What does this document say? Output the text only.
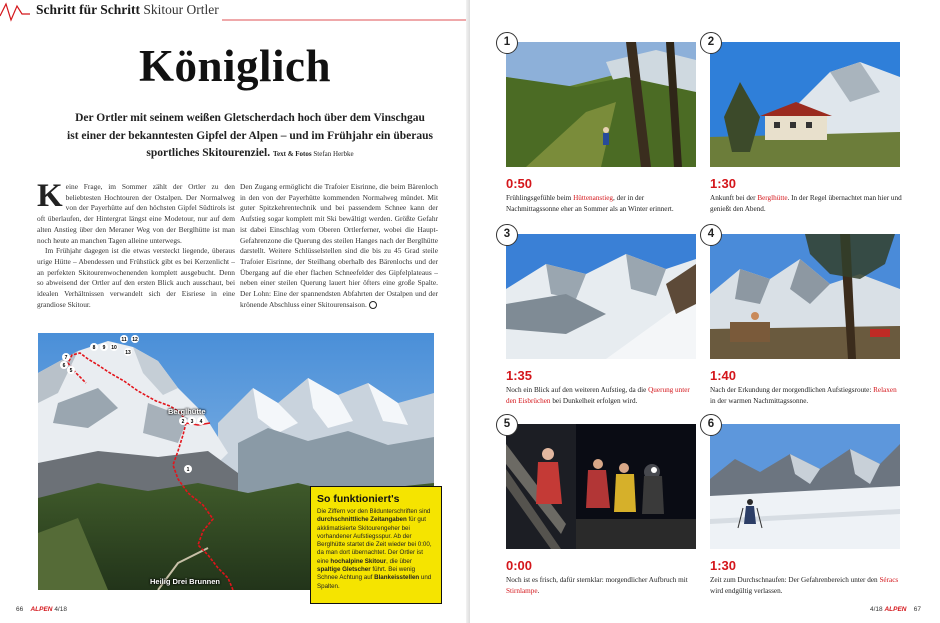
Schritt für Schritt Skitour Ortler
Königlich
Der Ortler mit seinem weißen Gletscherdach hoch über dem Vinschgau
ist einer der bekanntesten Gipfel der Alpen – und im Frühjahr ein überaus
sportliches Skitourenziel. Text & Fotos Stefan Herbke

Keine Frage, im Sommer zählt der Ortler zu den beliebtesten Hochtouren der Ostalpen. Der Normalweg von der Payerhütte auf den höchsten Gipfel Südtirols ist oft überlaufen, der Hintergrat längst eine Modetour, nur auf dem alten Anstieg über den Meraner Weg von der Berglhütte ist man noch heute an manchen Tagen alleine unterwegs.

Im Frühjahr dagegen ist die etwas versteckt liegende, überaus urige Hütte – Abendessen und Frühstück gibt es bei Kerzenlicht – an perfekten Skitourenwochenenden komplett ausgebucht. Denn so abweisend der Ortler auf den ersten Blick auch ausschaut, bei idealen Verhältnissen verwandelt sich der Eisriese in eine grandiose Skitour.

Den Zugang ermöglicht die Trafoier Eisrinne, die beim Bärenloch in den von der Payerhütte kommenden Normalweg mündet. Mit guter Spitzkehrentechnik und bei passendem Schnee kann der Aufstieg sogar komplett mit Ski bewältigt werden. Größte Gefahr ist dabei Einschlag vom Oberen Ortlerferner, wobei die Haupt-Gefahrenzone die Querung des steilen Hanges nach der Berglhütte darstellt. Weitere Schlüsselstellen sind die bis zu 45 Grad steile Trafoier Eisrinne, der Steilhang oberhalb des Bärenlochs und der Übergang auf die eher flachen Schneefelder des Gipfelplateaus – neben einer steilen Querung lauert hier öfters eine große Spalte. Der Lohn: Eine der spannendsten Abfahrten der Ostalpen und der krönende Abschluss einer Skitourensaison.

1
2 3 4
5
6
7
8 9 10
11 12
13
Berglhütte
Heilig Drei Brunnen
So funktioniert's
Die Ziffern vor den Bildunterschriften sind durchschnittliche Zeitangaben für gut akklimatisierte Skitourengeher bei vorhandener Aufstiegsspur. Ab der Berglhütte startet die Zeit wieder bei 0:00, da man dort übernachtet. Der Ortler ist eine hochalpine Skitour, die über spaltige Gletscher führt. Bei wenig Schnee Achtung auf Blankeisstellen und Spalten.
66 ALPEN 4/18
1
0:50
Frühlingsgefühle beim Hüttenanstieg, der in der Nachmittagssonne eher an Sommer als an Winter erinnert.
2
1:30
Ankunft bei der Berglhütte. In der Regel übernachtet man hier und genießt den Abend.
3
1:35
Noch ein Blick auf den weiteren Aufstieg, da die Querung unter den Eisbrüchen bei Dunkelheit erfolgen wird.
4
1:40
Nach der Erkundung der morgendlichen Aufstiegsroute: Relaxen in der warmen Nachmittagssonne.
5
0:00
Noch ist es frisch, dafür sternklar: morgendlicher Aufbruch mit Stirnlampe.
6
1:30
Zeit zum Durchschnaufen: Der Gefahrenbereich unter den Séracs wird endgültig verlassen.
4/18 ALPEN 67
